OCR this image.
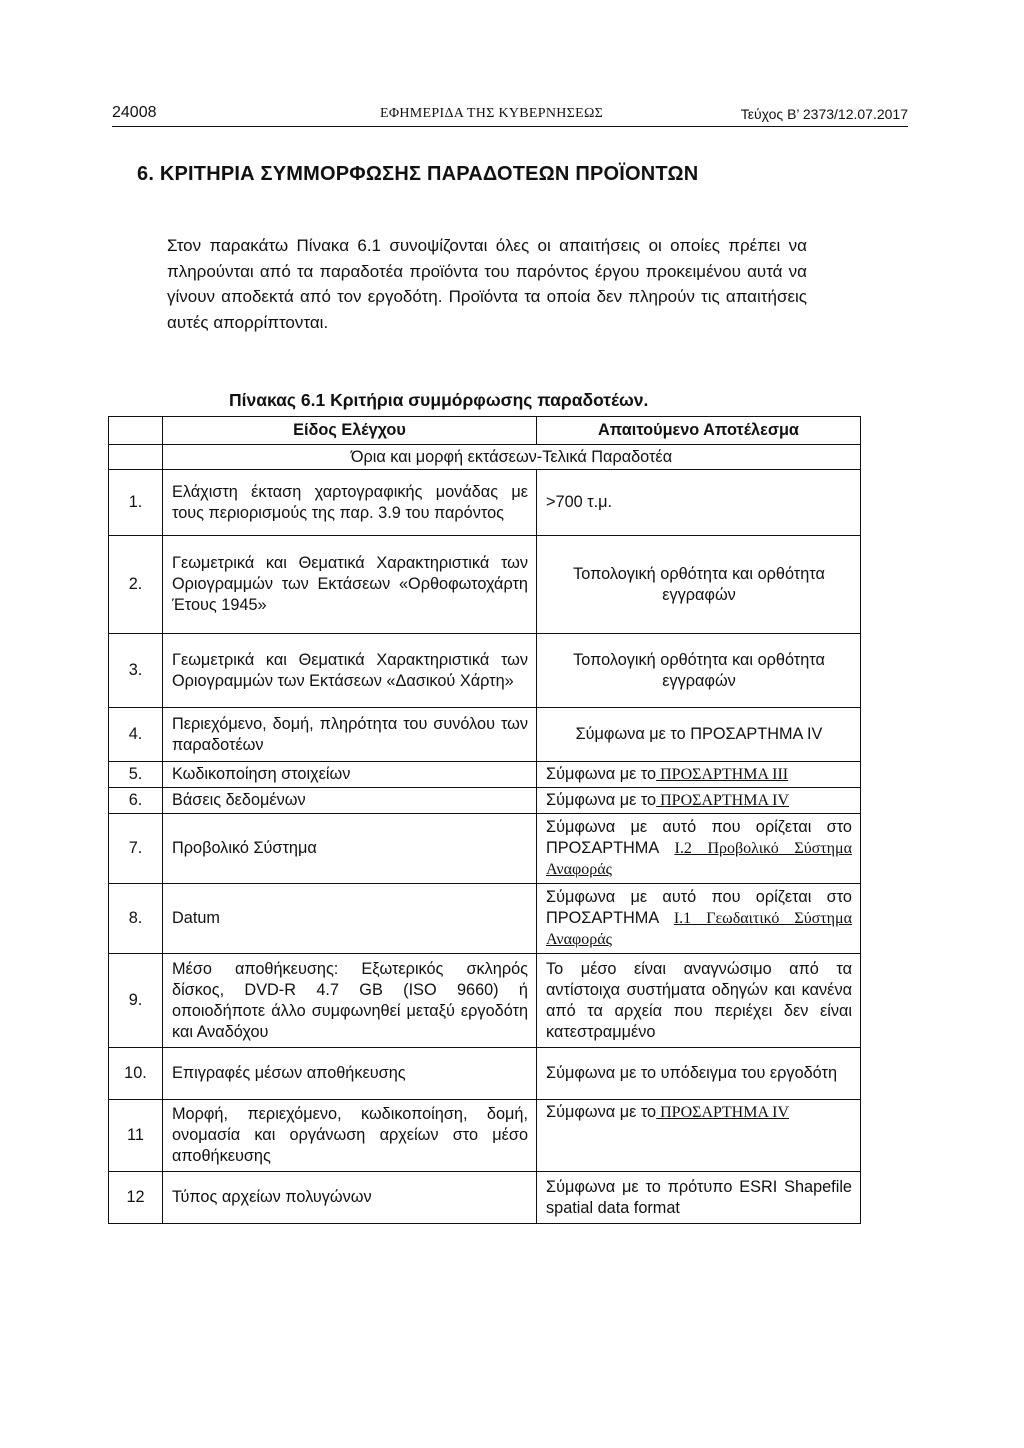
24008	ΕΦΗΜΕΡΙΔΑ ΤΗΣ ΚΥΒΕΡΝΗΣΕΩΣ	Τεύχος Β’ 2373/12.07.2017
6. ΚΡΙΤΗΡΙΑ ΣΥΜΜΟΡΦΩΣΗΣ ΠΑΡΑΔΟΤΕΩΝ ΠΡΟΪΟΝΤΩΝ

Στον παρακάτω Πίνακα 6.1 συνοψίζονται όλες οι απαιτήσεις οι οποίες πρέπει να πληρούνται από τα παραδοτέα προϊόντα του παρόντος έργου προκειμένου αυτά να γίνουν αποδεκτά από τον εργοδότη. Προϊόντα τα οποία δεν πληρούν τις απαιτήσεις αυτές απορρίπτονται.

Πίνακας 6.1 Κριτήρια συμμόρφωσης παραδοτέων.

	Είδος Ελέγχου	Απαιτούμενο Αποτέλεσμα
	Όρια και μορφή εκτάσεων-Τελικά Παραδοτέα	
1.	Ελάχιστη έκταση χαρτογραφικής μονάδας με τους περιορισμούς της παρ. 3.9 του παρόντος	>700 τ.μ.
2.	Γεωμετρικά και Θεματικά Χαρακτηριστικά των Οριογραμμών των Εκτάσεων «Ορθοφωτοχάρτη Έτους 1945»	Τοπολογική ορθότητα και ορθότητα εγγραφών
3.	Γεωμετρικά και Θεματικά Χαρακτηριστικά των Οριογραμμών των Εκτάσεων «Δασικού Χάρτη»	Τοπολογική ορθότητα και ορθότητα εγγραφών
4.	Περιεχόμενο, δομή, πληρότητα του συνόλου των παραδοτέων	Σύμφωνα με το ΠΡΟΣΑΡΤΗΜΑ IV
5.	Κωδικοποίηση στοιχείων	Σύμφωνα με το ΠΡΟΣΑΡΤΗΜΑ ΙΙΙ
6.	Βάσεις δεδομένων	Σύμφωνα με το ΠΡΟΣΑΡΤΗΜΑ IV
7.	Προβολικό Σύστημα	Σύμφωνα με αυτό που ορίζεται στο ΠΡΟΣΑΡΤΗΜΑ Ι.2 Προβολικό Σύστημα Αναφοράς
8.	Datum	Σύμφωνα με αυτό που ορίζεται στο ΠΡΟΣΑΡΤΗΜΑ Ι.1 Γεωδαιτικό Σύστημα Αναφοράς
9.	Μέσο αποθήκευσης: Εξωτερικός σκληρός δίσκος, DVD-R 4.7 GB (ISO 9660) ή οποιοδήποτε άλλο συμφωνηθεί μεταξύ εργοδότη και Αναδόχου	Το μέσο είναι αναγνώσιμο από τα αντίστοιχα συστήματα οδηγών και κανένα από τα αρχεία που περιέχει δεν είναι κατεστραμμένο
10.	Επιγραφές μέσων αποθήκευσης	Σύμφωνα με το υπόδειγμα του εργοδότη
11	Μορφή, περιεχόμενο, κωδικοποίηση, δομή, ονομασία και οργάνωση αρχείων στο μέσο αποθήκευσης	Σύμφωνα με το ΠΡΟΣΑΡΤΗΜΑ IV
12	Τύπος αρχείων πολυγώνων	Σύμφωνα με το πρότυπο ESRI Shapefile spatial data format
